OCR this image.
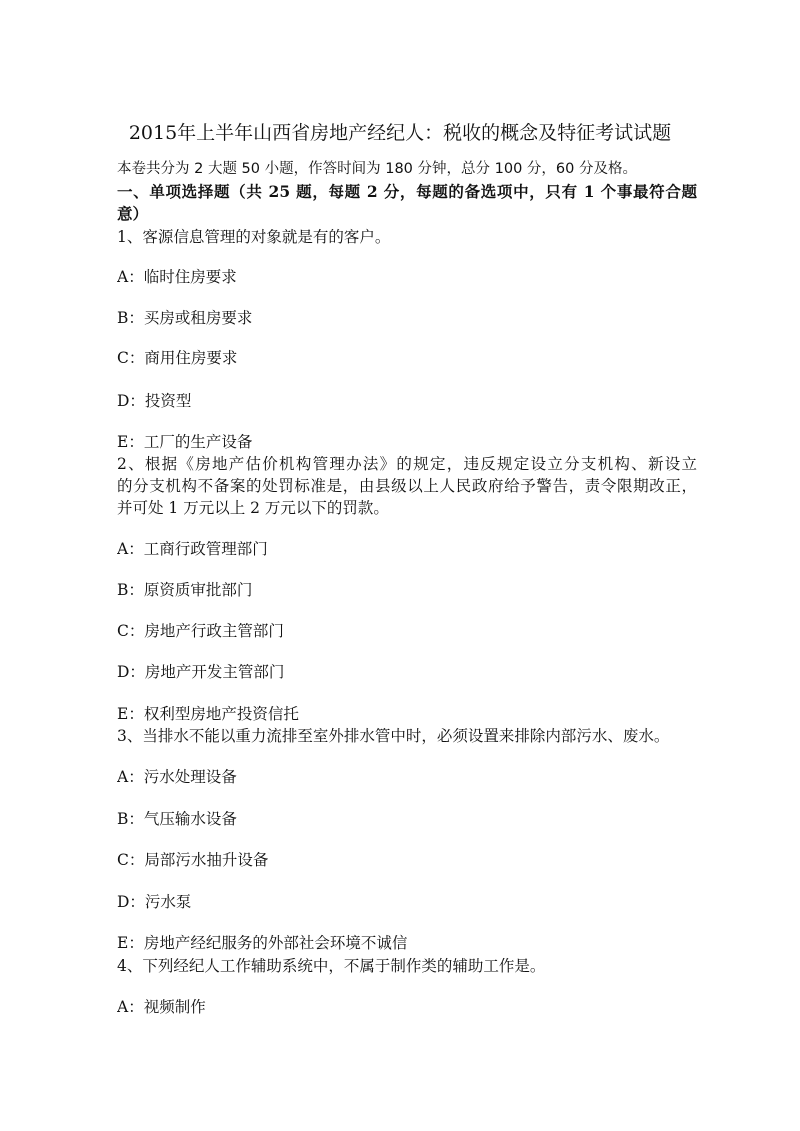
2015年上半年山西省房地产经纪人：税收的概念及特征考试试题
本卷共分为 2 大题 50 小题，作答时间为 180 分钟，总分 100 分，60 分及格。
一、单项选择题（共 25 题，每题 2 分，每题的备选项中，只有 1 个事最符合题
意）
1、客源信息管理的对象就是有的客户。
A：临时住房要求
B：买房或租房要求
C：商用住房要求
D：投资型
E：工厂的生产设备
2、根据《房地产估价机构管理办法》的规定，违反规定设立分支机构、新设立
的分支机构不备案的处罚标准是，由县级以上人民政府给予警告，责令限期改正，
并可处 1 万元以上 2 万元以下的罚款。
A：工商行政管理部门
B：原资质审批部门
C：房地产行政主管部门
D：房地产开发主管部门
E：权利型房地产投资信托
3、当排水不能以重力流排至室外排水管中时，必须设置来排除内部污水、废水。
A：污水处理设备
B：气压输水设备
C：局部污水抽升设备
D：污水泵
E：房地产经纪服务的外部社会环境不诚信
4、下列经纪人工作辅助系统中，不属于制作类的辅助工作是。
A：视频制作
